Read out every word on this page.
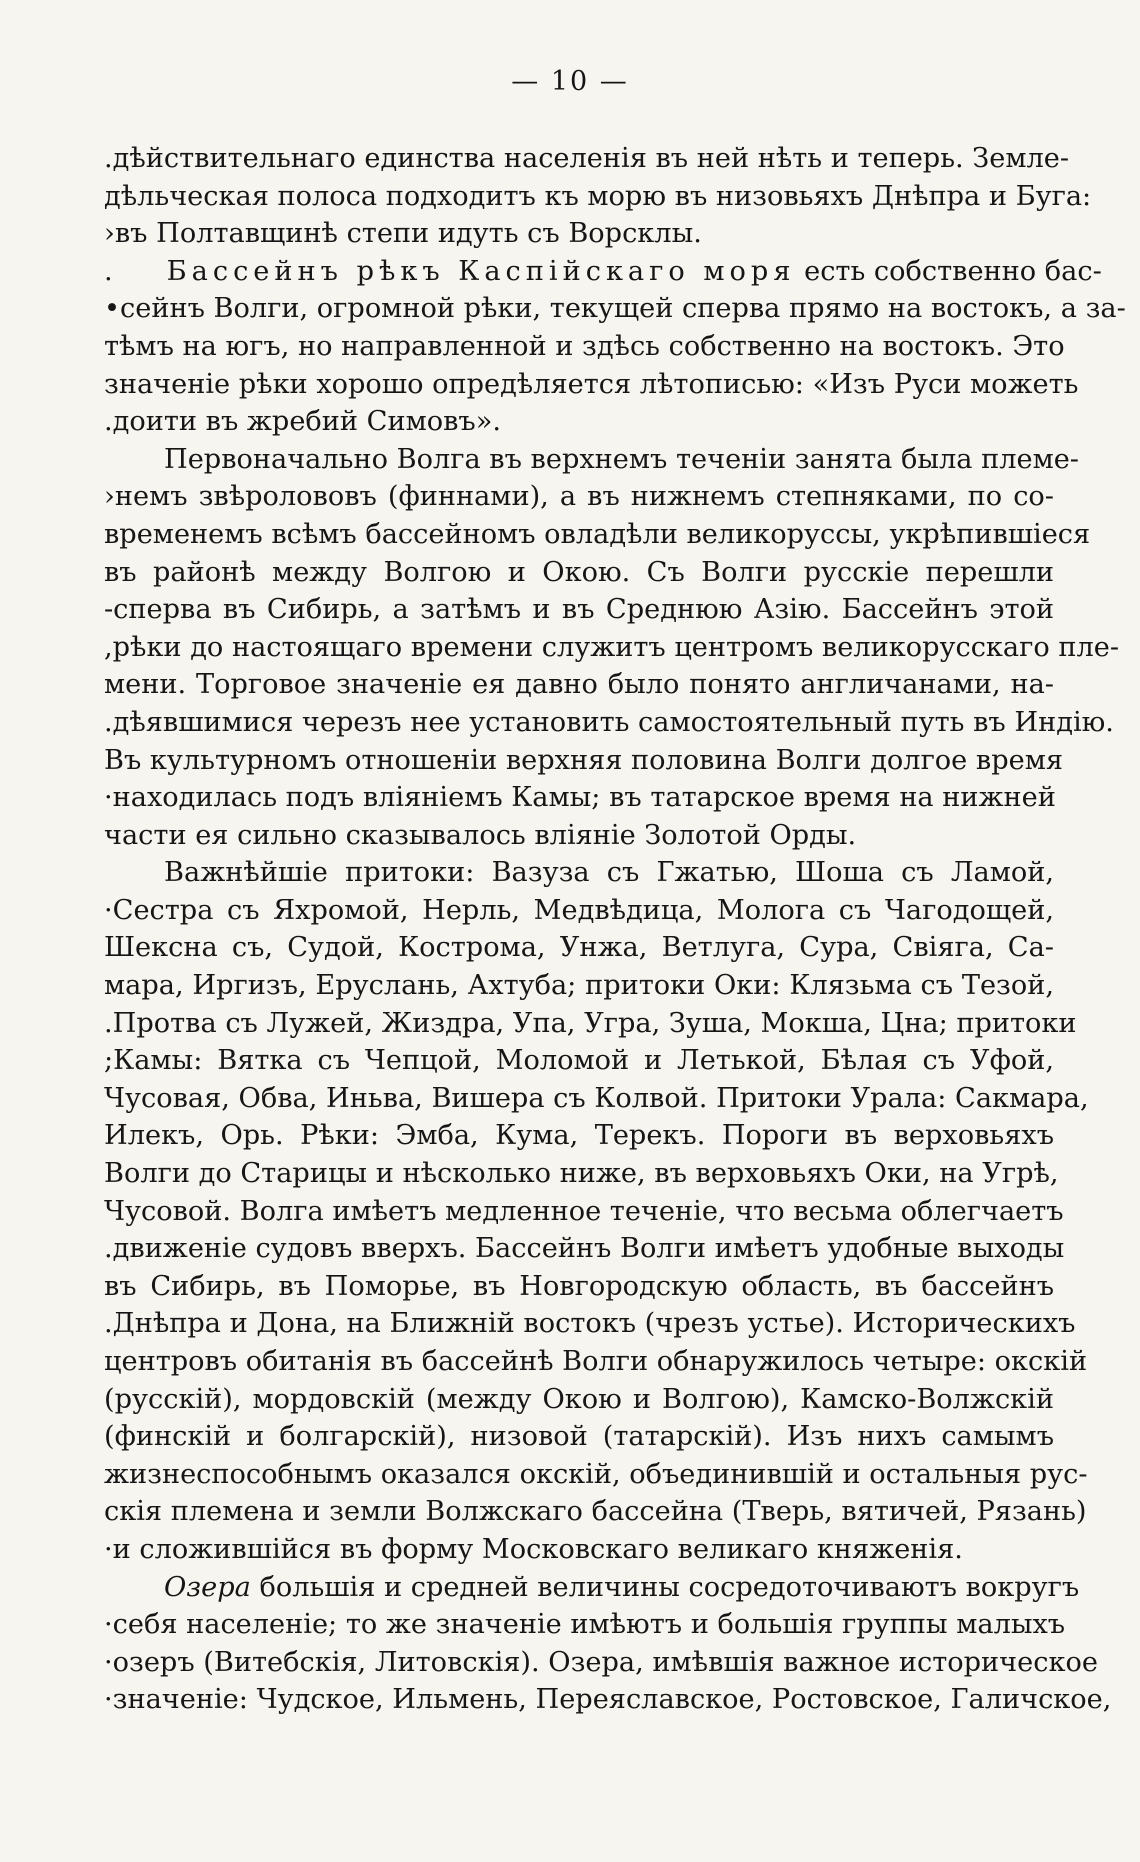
— 10 —
.дѣйствительнаго единства населенія въ ней нѣть и теперь. Земле-
дѣльческая полоса подходитъ къ морю въ низовьяхъ Днѣпра и Буга:
›въ Полтавщинѣ степи идуть съ Ворсклы.
. Бассейнъ рѣкъ Каспійскаго моря есть собственно бас-
•сейнъ Волги, огромной рѣки, текущей сперва прямо на востокъ, а за-
тѣмъ на югъ, но направленной и здѣсь собственно на востокъ. Это
значеніе рѣки хорошо опредѣляется лѣтописью: «Изъ Руси можеть
.доити въ жребий Симовъ».
Первоначально Волга въ верхнемъ теченіи занята была племе-
›немъ звѣролововъ (финнами), а въ нижнемъ степняками, по со-
временемъ всѣмъ бассейномъ овладѣли великоруссы, укрѣпившіеся
въ районѣ между Волгою и Окою. Съ Волги русскіе перешли
-сперва въ Сибирь, а затѣмъ и въ Среднюю Азію. Бассейнъ этой
,рѣки до настоящаго времени служитъ центромъ великорусскаго пле-
мени. Торговое значеніе ея давно было понято англичанами, на-
.дѣявшимися черезъ нее установить самостоятельный путь въ Индію.
Въ культурномъ отношеніи верхняя половина Волги долгое время
·находилась подъ вліяніемъ Камы; въ татарское время на нижней
части ея сильно сказывалось вліяніе Золотой Орды.
Важнѣйшіе притоки: Вазуза съ Гжатью, Шоша съ Ламой,
·Сестра съ Яхромой, Нерль, Медвѣдица, Молога съ Чагодощей,
Шексна съ, Судой, Кострома, Унжа, Ветлуга, Сура, Свіяга, Са-
мара, Иргизъ, Еруслань, Ахтуба; притоки Оки: Клязьма съ Тезой,
.Протва съ Лужей, Жиздра, Упа, Угра, Зуша, Мокша, Цна; притоки
;Камы: Вятка съ Чепцой, Моломой и Летькой, Бѣлая съ Уфой,
Чусовая, Обва, Иньва, Вишера съ Колвой. Притоки Урала: Сакмара,
Илекъ, Орь. Рѣки: Эмба, Кума, Терекъ. Пороги въ верховьяхъ
Волги до Старицы и нѣсколько ниже, въ верховьяхъ Оки, на Угрѣ,
Чусовой. Волга имѣетъ медленное теченіе, что весьма облегчаетъ
.движеніе судовъ вверхъ. Бассейнъ Волги имѣетъ удобные выходы
въ Сибирь, въ Поморье, въ Новгородскую область, въ бассейнъ
.Днѣпра и Дона, на Ближній востокъ (чрезъ устье). Историческихъ
центровъ обитанія въ бассейнѣ Волги обнаружилось четыре: окскій
(русскій), мордовскій (между Окою и Волгою), Камско-Волжскій
(финскій и болгарскій), низовой (татарскій). Изъ нихъ самымъ
жизнеспособнымъ оказался окскій, объединившій и остальныя рус-
скія племена и земли Волжскаго бассейна (Тверь, вятичей, Рязань)
·и сложившійся въ форму Московскаго великаго княженія.
Озера большія и средней величины сосредоточиваютъ вокругъ
·себя населеніе; то же значеніе имѣютъ и большія группы малыхъ
·озеръ (Витебскія, Литовскія). Озера, имѣвшія важное историческое
·значеніе: Чудское, Ильмень, Переяславское, Ростовское, Галичское,
